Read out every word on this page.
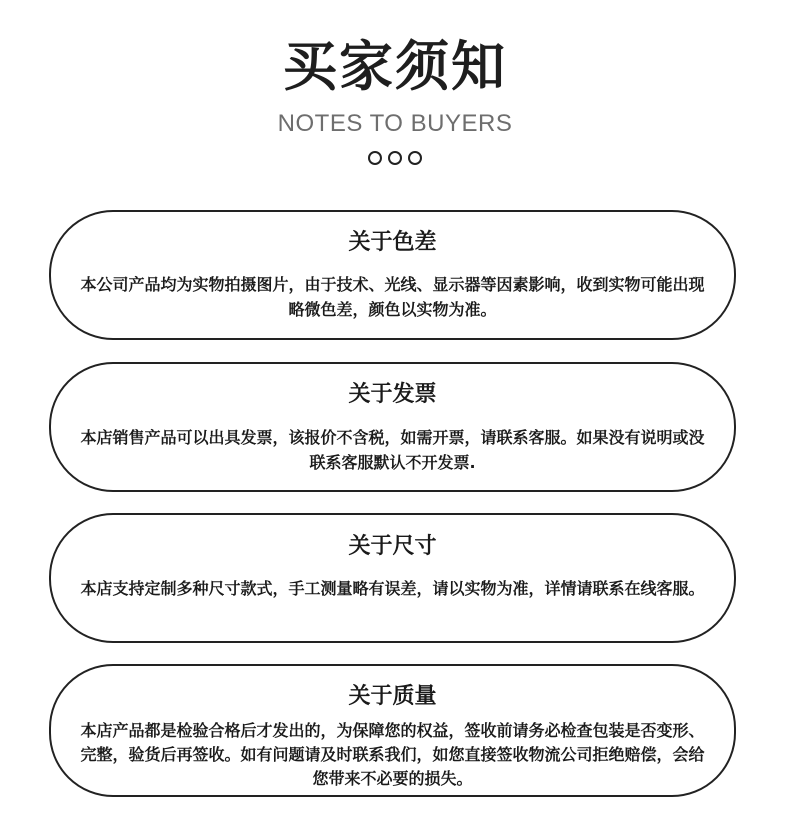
买家须知
NOTES TO BUYERS
关于色差
本公司产品均为实物拍摄图片，由于技术、光线、显示器等因素影响，收到实物可能出现略微色差，颜色以实物为准。
关于发票
本店销售产品可以出具发票，该报价不含税，如需开票，请联系客服。如果没有说明或没联系客服默认不开发票.
关于尺寸
本店支持定制多种尺寸款式，手工测量略有误差，请以实物为准，详情请联系在线客服。
关于质量
本店产品都是检验合格后才发出的，为保障您的权益，签收前请务必检查包装是否变形、完整，验货后再签收。如有问题请及时联系我们，如您直接签收物流公司拒绝赔偿，会给您带来不必要的损失。
